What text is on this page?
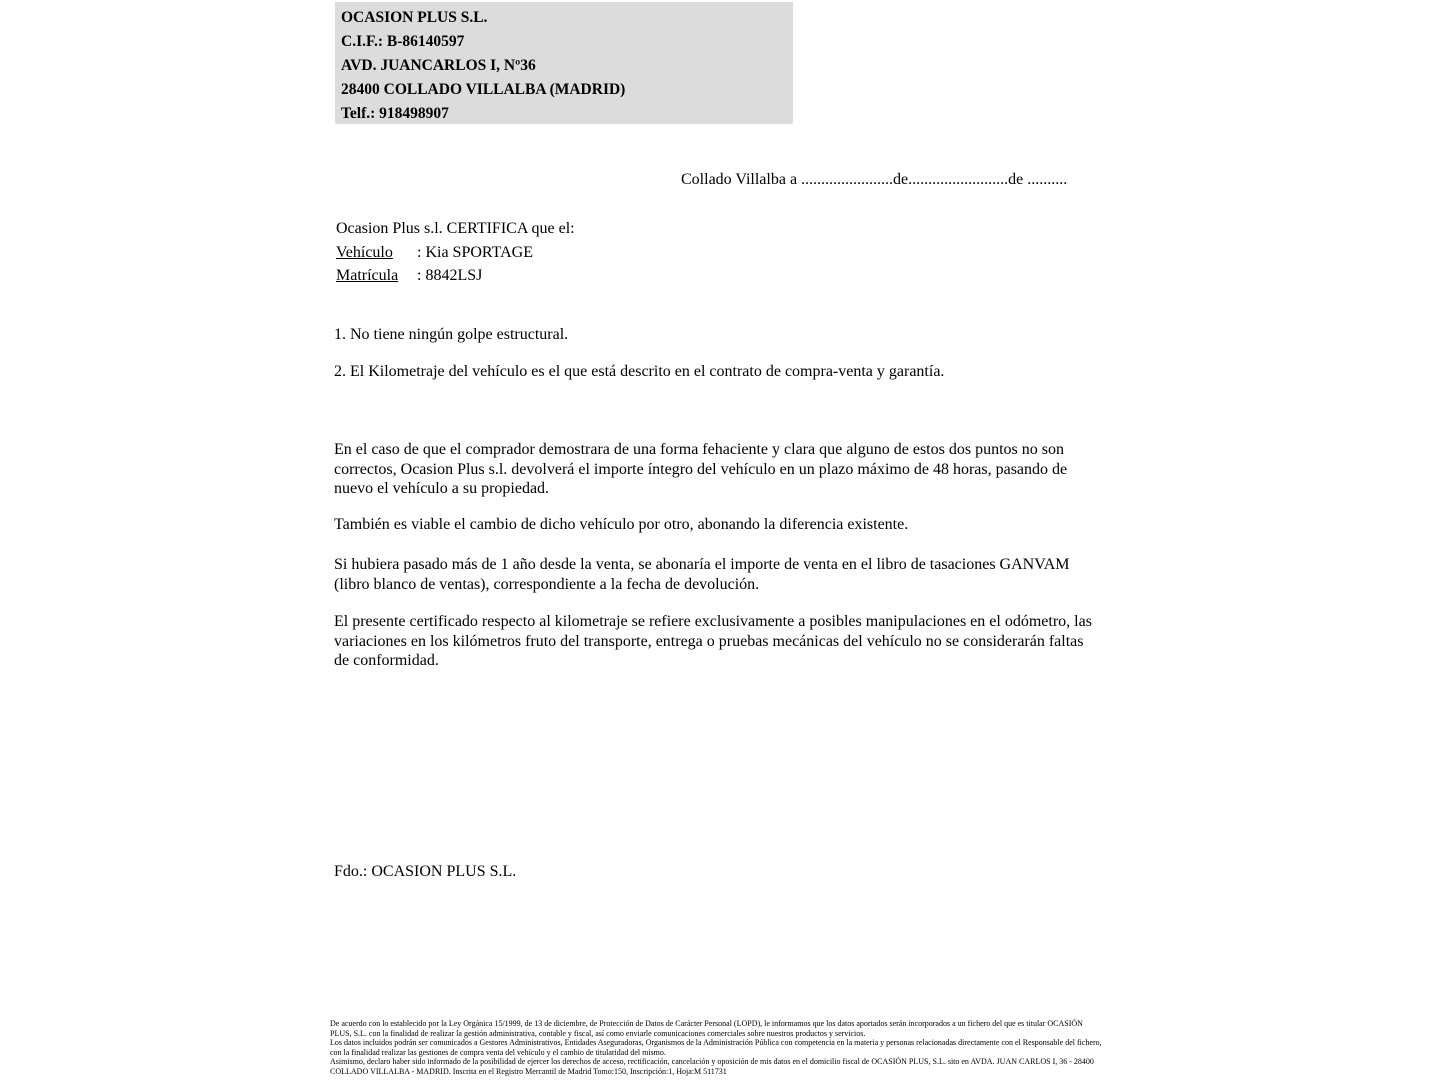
OCASION PLUS S.L.
C.I.F.: B-86140597
AVD. JUANCARLOS I, Nº36
28400 COLLADO VILLALBA (MADRID)
Telf.: 918498907
Collado Villalba a .......................de.........................de ..........
Ocasion Plus s.l. CERTIFICA que el:
Vehículo : Kia SPORTAGE
Matrícula : 8842LSJ
1. No tiene ningún golpe estructural.
2. El Kilometraje del vehículo es el que está descrito en el contrato de compra-venta y garantía.
En el caso de que el comprador demostrara de una forma fehaciente y clara que alguno de estos dos puntos no son correctos, Ocasion Plus s.l. devolverá el importe íntegro del vehículo en un plazo máximo de 48 horas, pasando de nuevo el vehículo a su propiedad.
También es viable el cambio de dicho vehículo por otro, abonando la diferencia existente.
Si hubiera pasado más de 1 año desde la venta, se abonaría el importe de venta en el libro de tasaciones GANVAM (libro blanco de ventas), correspondiente a la fecha de devolución.
El presente certificado respecto al kilometraje se refiere exclusivamente a posibles manipulaciones en el odómetro, las variaciones en los kilómetros fruto del transporte, entrega o pruebas mecánicas del vehículo no se considerarán faltas de conformidad.
Fdo.: OCASION PLUS S.L.

De acuerdo con lo establecido por la Ley Orgánica 15/1999, de 13 de diciembre, de Protección de Datos de Carácter Personal (LOPD), le informamos que los datos aportados serán incorporados a un fichero del que es titular OCASIÓN PLUS, S.L. con la finalidad de realizar la gestión administrativa, contable y fiscal, así como enviarle comunicaciones comerciales sobre nuestros productos y servicios.

Los datos incluidos podrán ser comunicados a Gestores Administrativos, Entidades Aseguradoras, Organismos de la Administración Pública con competencia en la materia y personas relacionadas directamente con el Responsable del fichero, con la finalidad realizar las gestiones de compra venta del vehículo y el cambio de titularidad del mismo.

Asimismo, declaro haber sido informado de la posibilidad de ejercer los derechos de acceso, rectificación, cancelación y oposición de mis datos en el domicilio fiscal de OCASIÓN PLUS, S.L. sito en AVDA. JUAN CARLOS I, 36 - 28400 COLLADO VILLALBA - MADRID. Inscrita en el Registro Mercantil de Madrid Tomo:150, Inscripción:1, Hoja:M 511731
